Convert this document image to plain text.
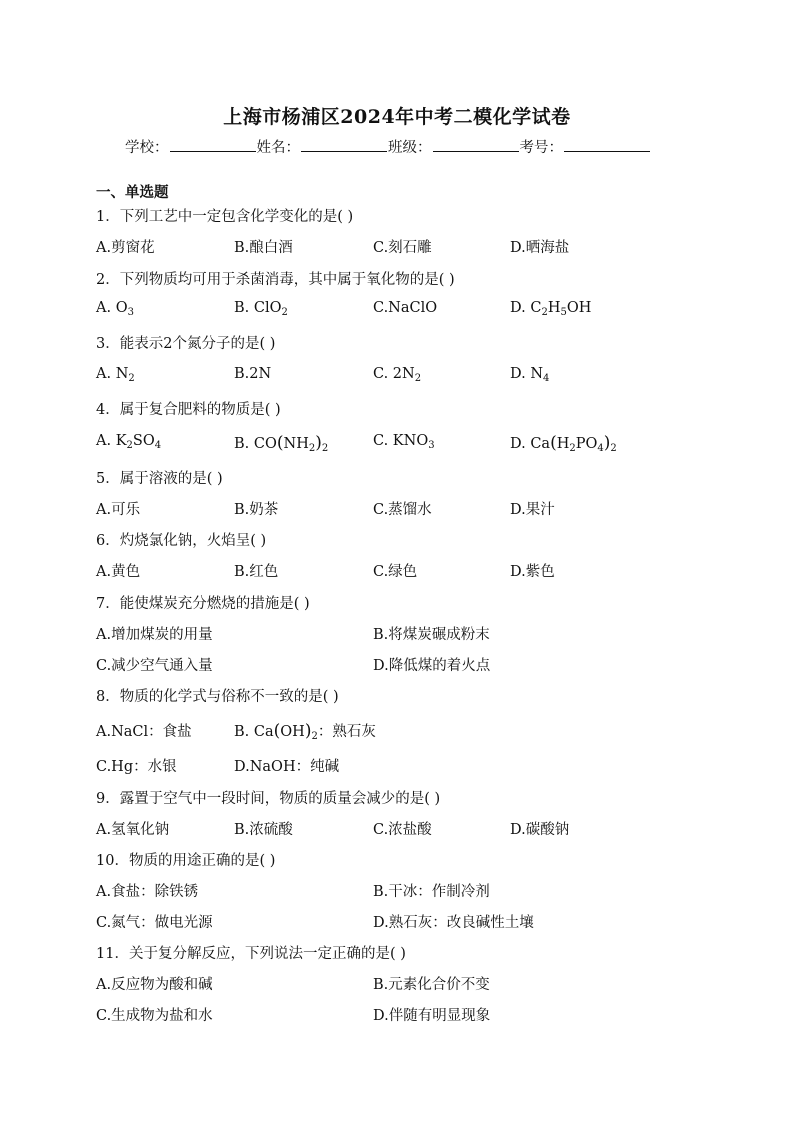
上海市杨浦区2024年中考二模化学试卷
学校：	姓名：	班级：	考号：
一、单选题
1．下列工艺中一定包含化学变化的是( )
A.剪窗花	B.酿白酒	C.刻石雕	D.晒海盐
2．下列物质均可用于杀菌消毒，其中属于氧化物的是( )
A. $O_3$	B. ClO$_2$	C.NaClO	D. $C_2H_5OH$
3．能表示2个氮分子的是( )
A. $N_2$	B.2N	C. $2N_2$	D. $N_4$
4．属于复合肥料的物质是( )
A. $K_2SO_4$	B. $CO(NH_2)_2$	C. $KNO_3$	D. $Ca(H_2PO_4)_2$
5．属于溶液的是( )
A.可乐	B.奶茶	C.蒸馏水	D.果汁
6．灼烧氯化钠，火焰呈( )
A.黄色	B.红色	C.绿色	D.紫色
7．能使煤炭充分燃烧的措施是( )
A.增加煤炭的用量	B.将煤炭碾成粉末
C.减少空气通入量	D.降低煤的着火点
8．物质的化学式与俗称不一致的是( )
A.NaCl：食盐	B. $Ca(OH)_2$：熟石灰
C.Hg：水银	D.NaOH：纯碱
9．露置于空气中一段时间，物质的质量会减少的是( )
A.氢氧化钠	B.浓硫酸	C.浓盐酸	D.碳酸钠
10．物质的用途正确的是( )
A.食盐：除铁锈	B.干冰：作制冷剂
C.氮气：做电光源	D.熟石灰：改良碱性土壤
11．关于复分解反应，下列说法一定正确的是( )
A.反应物为酸和碱	B.元素化合价不变
C.生成物为盐和水	D.伴随有明显现象
